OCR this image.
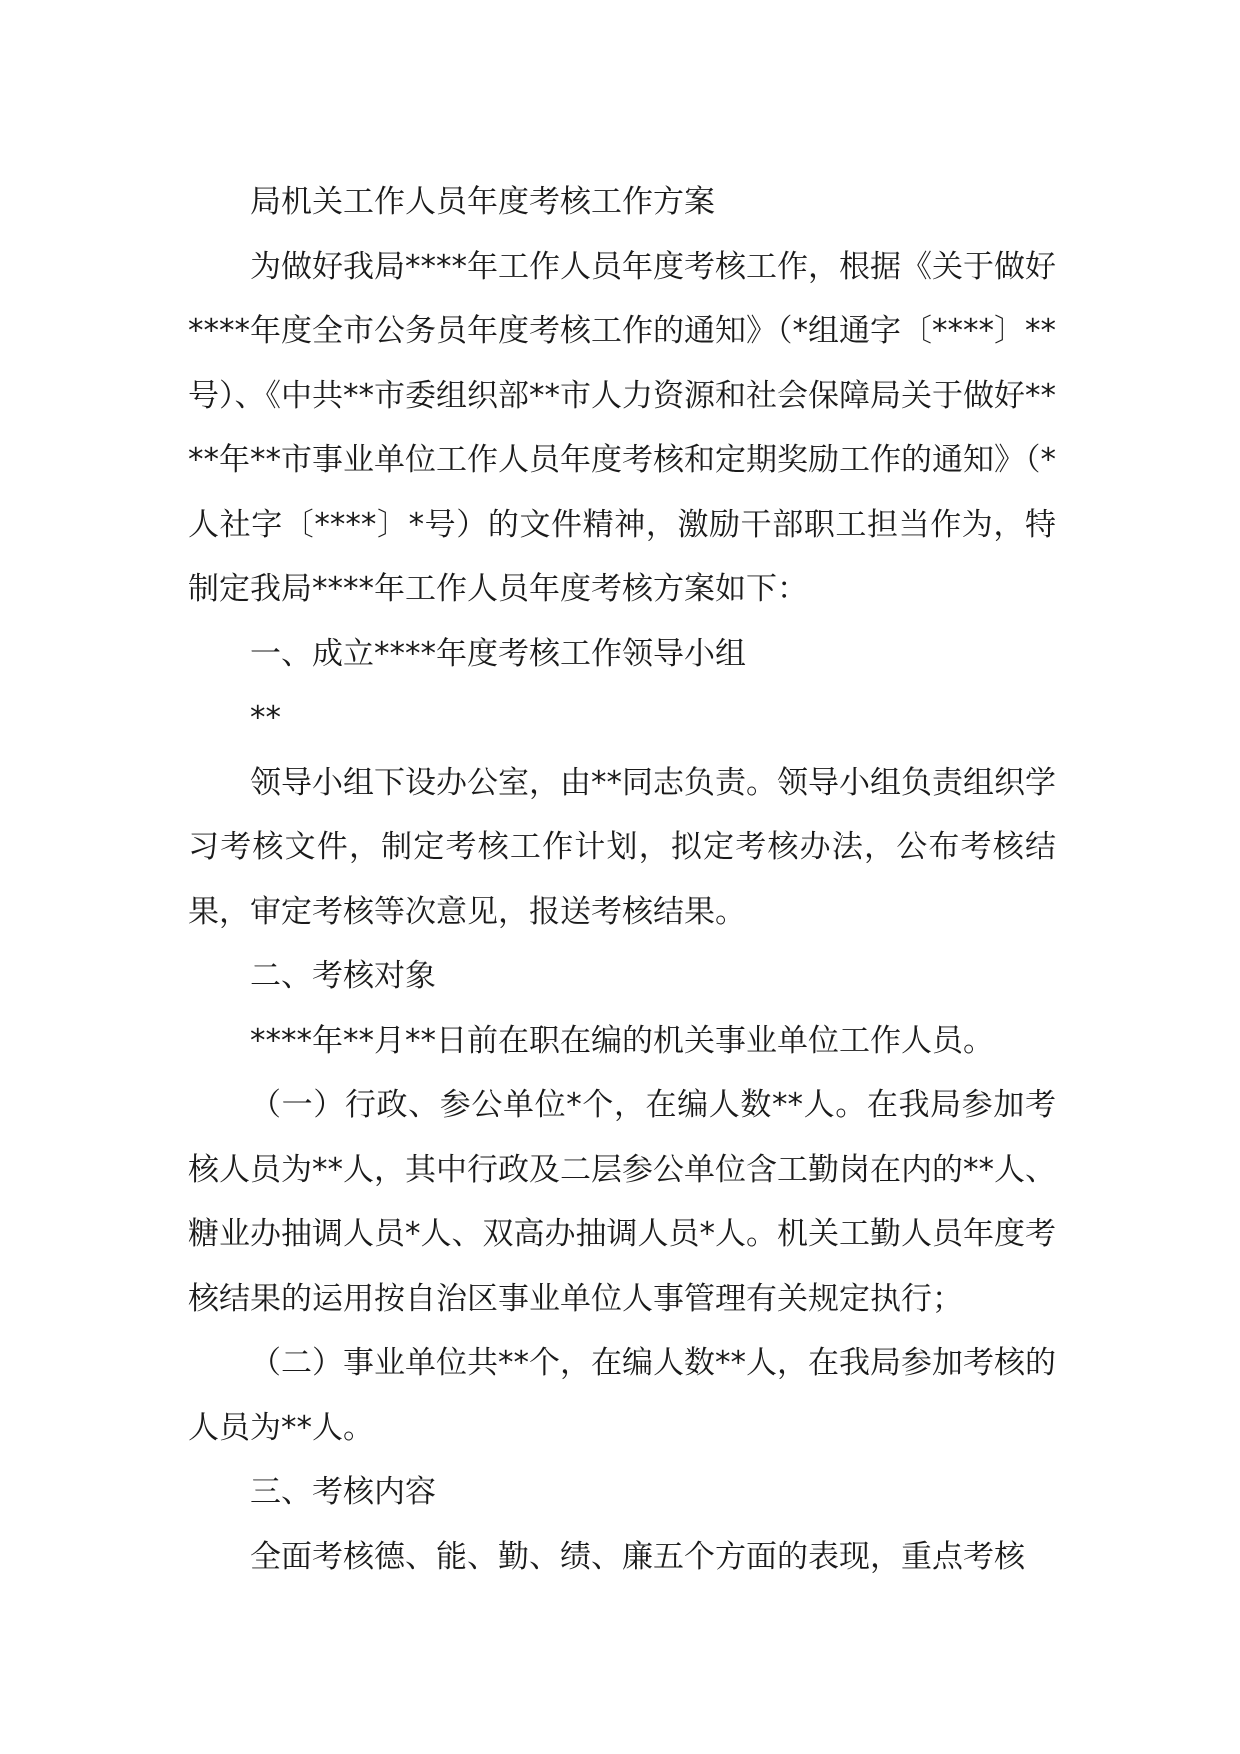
局机关工作人员年度考核工作方案

为做好我局****年工作人员年度考核工作，根据《关于做好****年度全市公务员年度考核工作的通知》（*组通字〔****〕**号）、《中共**市委组织部**市人力资源和社会保障局关于做好****年**市事业单位工作人员年度考核和定期奖励工作的通知》（*人社字〔****〕*号）的文件精神，激励干部职工担当作为，特制定我局****年工作人员年度考核方案如下：

一、成立****年度考核工作领导小组

**

领导小组下设办公室，由**同志负责。领导小组负责组织学习考核文件，制定考核工作计划，拟定考核办法，公布考核结果，审定考核等次意见，报送考核结果。

二、考核对象

****年**月**日前在职在编的机关事业单位工作人员。

（一）行政、参公单位*个，在编人数**人。在我局参加考核人员为**人，其中行政及二层参公单位含工勤岗在内的**人、糖业办抽调人员*人、双高办抽调人员*人。机关工勤人员年度考核结果的运用按自治区事业单位人事管理有关规定执行；

（二）事业单位共**个，在编人数**人，在我局参加考核的人员为**人。

三、考核内容

全面考核德、能、勤、绩、廉五个方面的表现，重点考核
